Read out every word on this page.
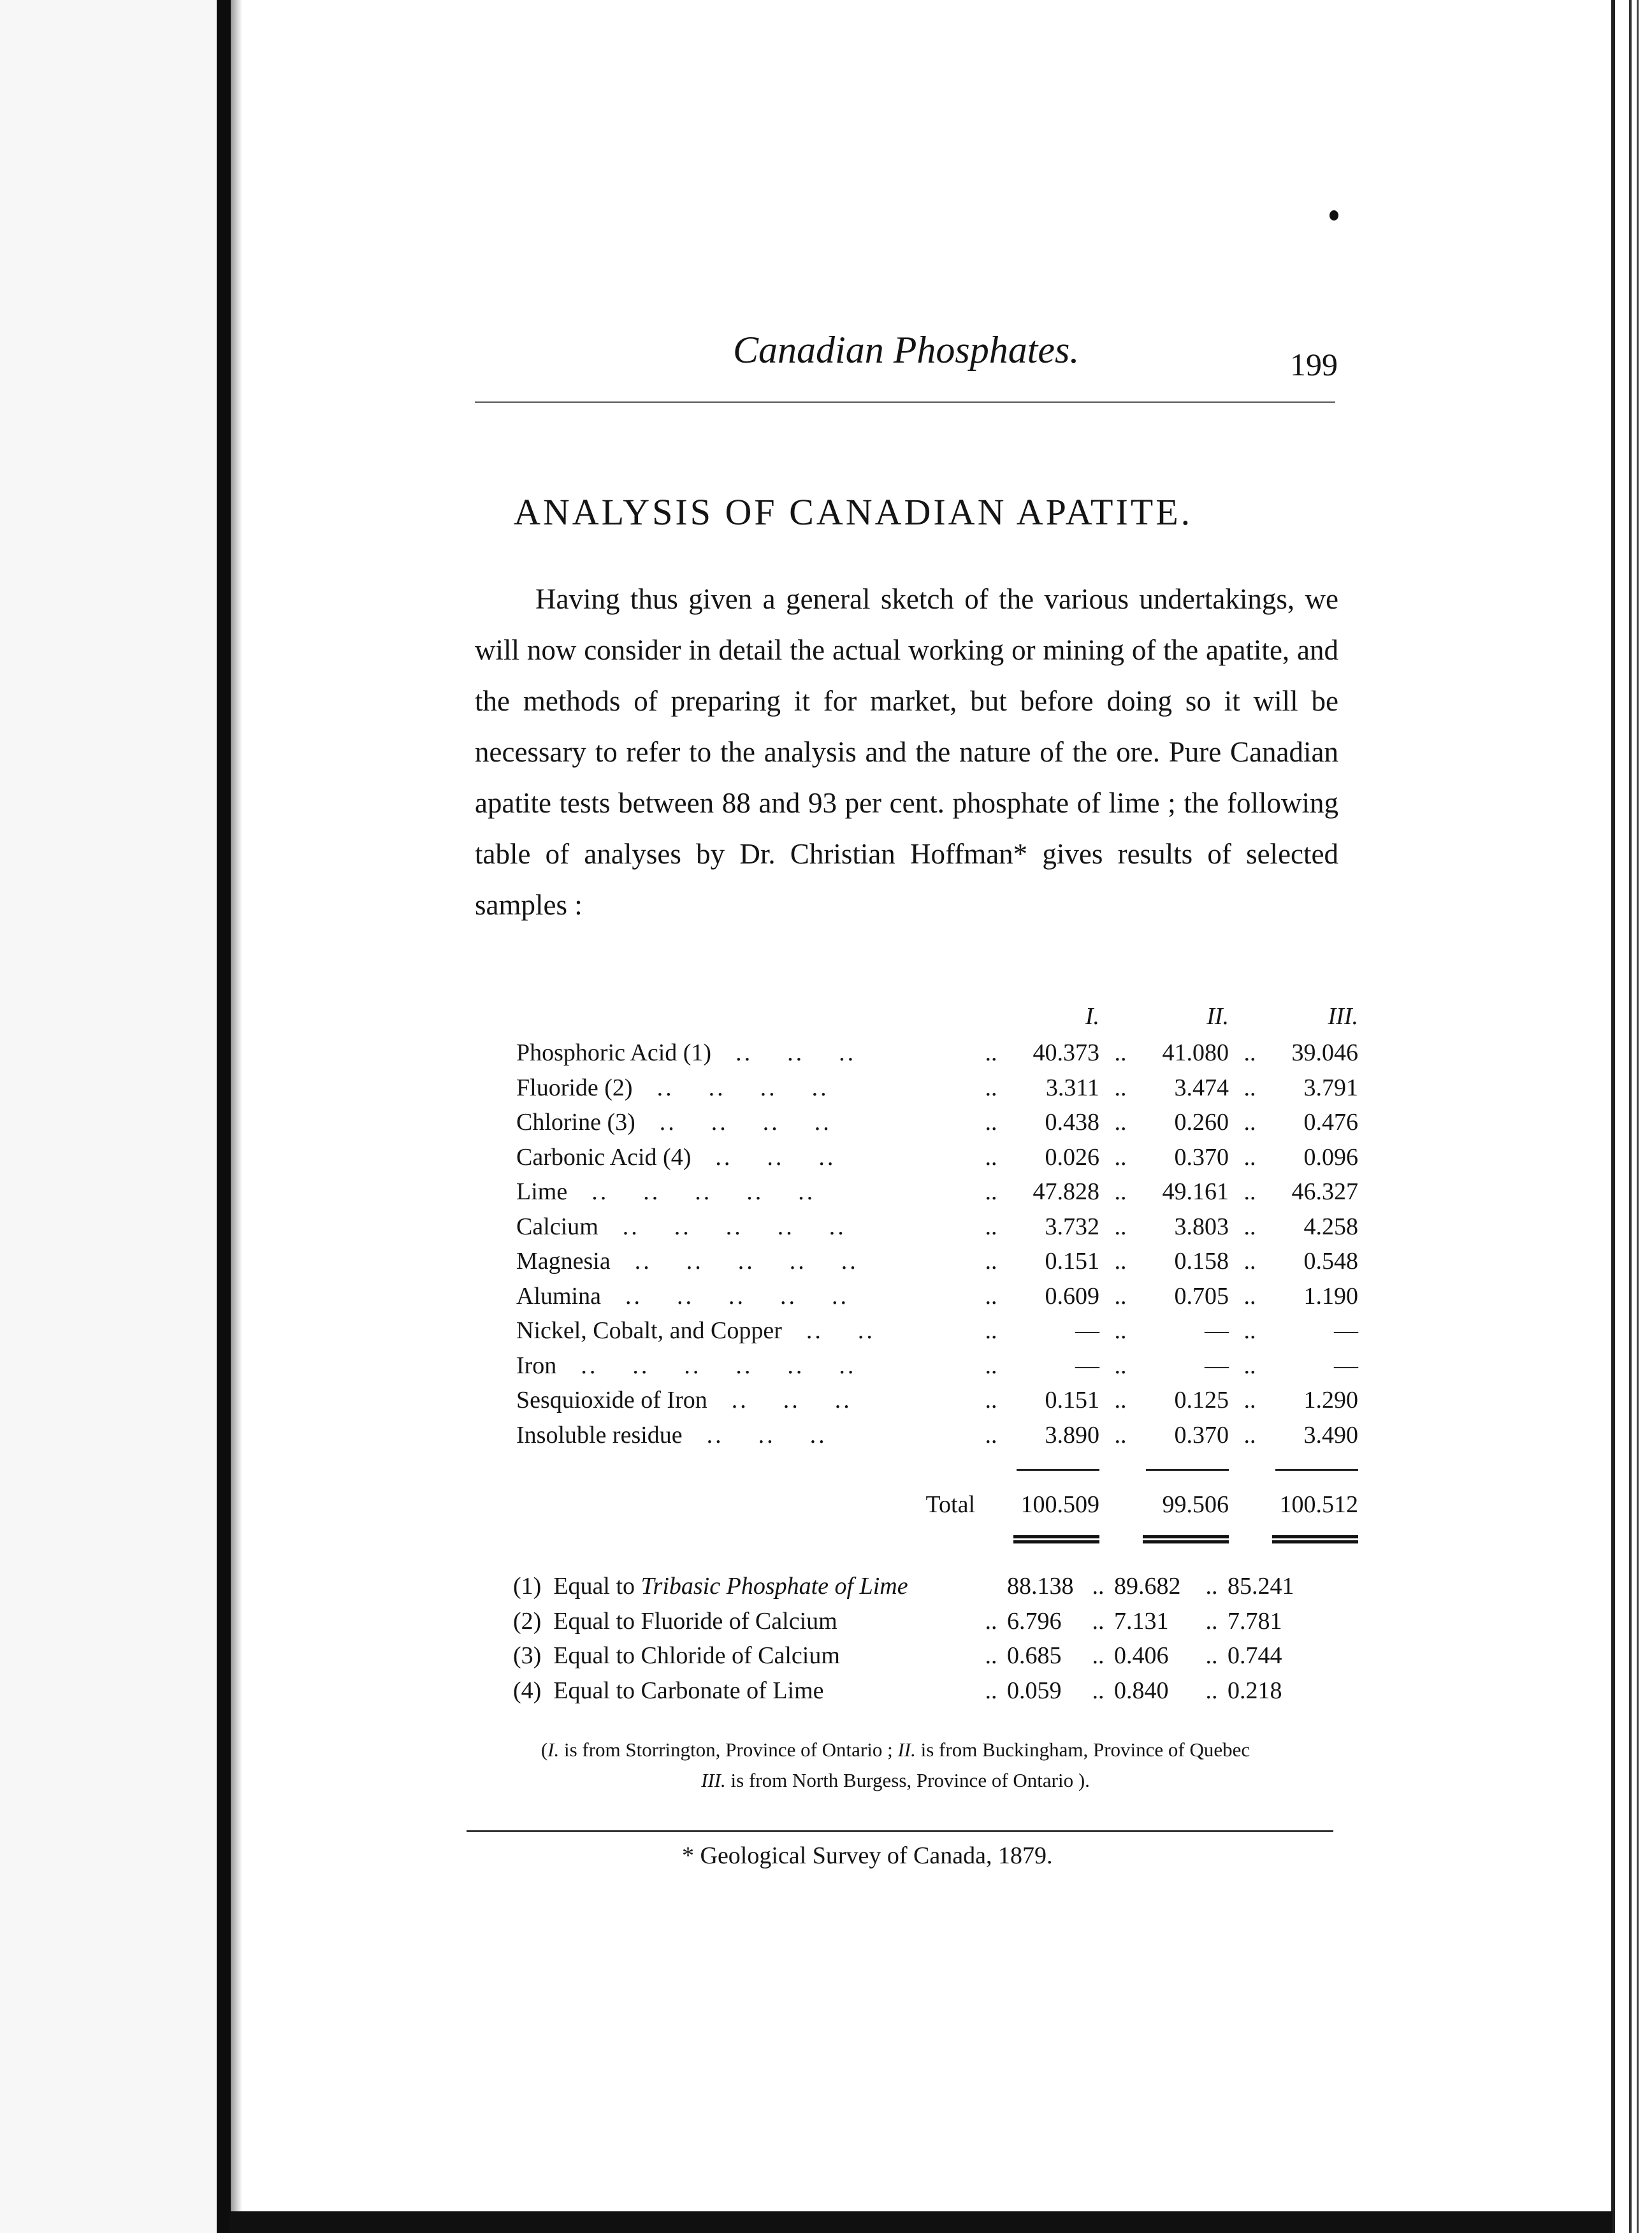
Canadian Phosphates.	199
ANALYSIS OF CANADIAN APATITE.
Having thus given a general sketch of the various undertakings, we will now consider in detail the actual working or mining of the apatite, and the methods of preparing it for market, but before doing so it will be necessary to refer to the analysis and the nature of the ore. Pure Canadian apatite tests between 88 and 93 per cent. phosphate of lime ; the following table of analyses by Dr. Christian Hoffman* gives results of selected samples :
		I.		II.		III.
Phosphoric Acid (1) ..    ..    ..	..	40.373	..	41.080	..	39.046
Fluoride (2) ..    ..    ..    ..	..	3.311	..	3.474	..	3.791
Chlorine (3) ..    ..    ..    ..	..	0.438	..	0.260	..	0.476
Carbonic Acid (4) ..    ..    ..	..	0.026	..	0.370	..	0.096
Lime ..    ..    ..    ..    ..	..	47.828	..	49.161	..	46.327
Calcium ..    ..    ..    ..    ..	..	3.732	..	3.803	..	4.258
Magnesia ..    ..    ..    ..    ..	..	0.151	..	0.158	..	0.548
Alumina ..    ..    ..    ..    ..	..	0.609	..	0.705	..	1.190
Nickel, Cobalt, and Copper ..    ..	..	—	..	—	..	—
Iron ..    ..    ..    ..    ..    ..	..	—	..	—	..	—
Sesquioxide of Iron ..    ..    ..	..	0.151	..	0.125	..	1.290
Insoluble residue ..    ..    ..	..	3.890	..	0.370	..	3.490

Total		100.509		99.506		100.512

(1) Equal to Tribasic Phosphate of Lime		88.138	..	89.682	..	85.241
(2) Equal to Fluoride of Calcium	..	6.796	..	7.131	..	7.781
(3) Equal to Chloride of Calcium	..	0.685	..	0.406	..	0.744
(4) Equal to Carbonate of Lime	..	0.059	..	0.840	..	0.218
(I. is from Storrington, Province of Ontario ; II. is from Buckingham, Province of Quebec
III. is from North Burgess, Province of Ontario ).
* Geological Survey of Canada, 1879.
